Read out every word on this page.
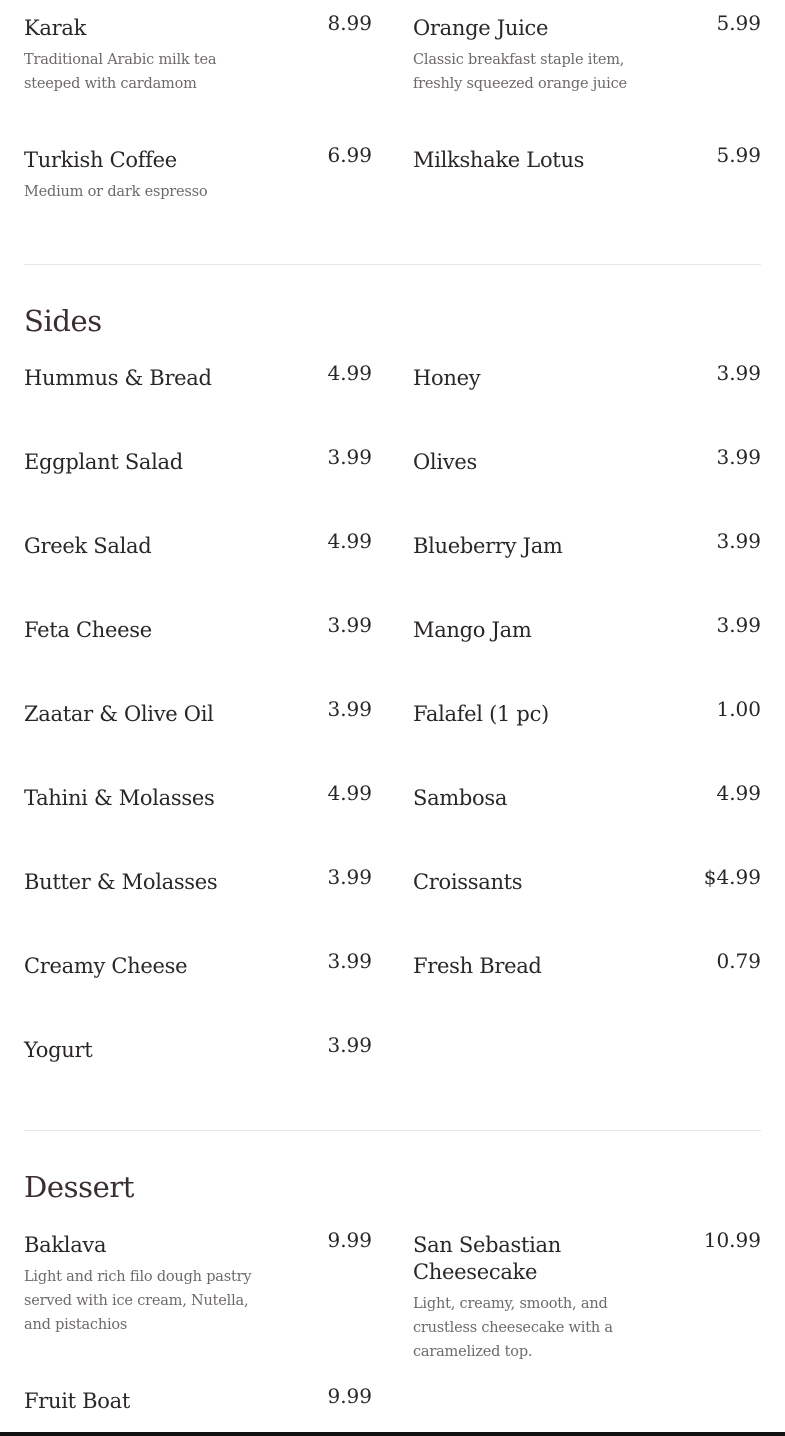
Karak	8.99
Traditional Arabic milk tea steeped with cardamom
Orange Juice	5.99
Classic breakfast staple item, freshly squeezed orange juice
Turkish Coffee	6.99
Medium or dark espresso
Milkshake Lotus	5.99
Sides
Hummus & Bread	4.99 Honey	3.99
Eggplant Salad	3.99 Olives	3.99
Greek Salad	4.99 Blueberry Jam	3.99
Feta Cheese	3.99 Mango Jam	3.99
Zaatar & Olive Oil	3.99 Falafel (1 pc)	1.00
Tahini & Molasses	4.99 Sambosa	4.99
Butter & Molasses	3.99 Croissants	$4.99
Creamy Cheese	3.99 Fresh Bread	0.79
Yogurt	3.99
Dessert
Baklava	9.99
Light and rich filo dough pastry served with ice cream, Nutella, and pistachios
San Sebastian Cheesecake
10.99
Light, creamy, smooth, and crustless cheesecake with a caramelized top.
Fruit Boat	9.99
